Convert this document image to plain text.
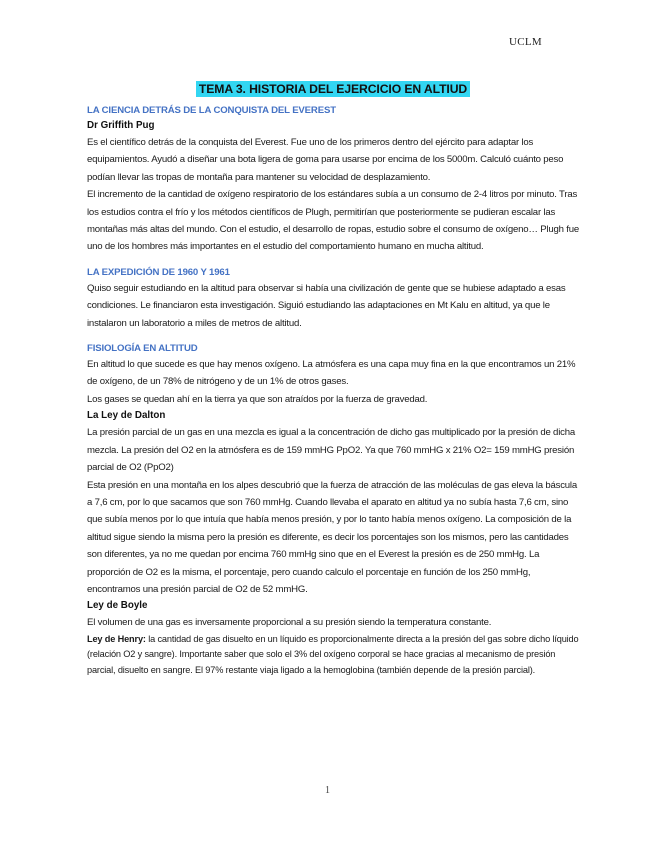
UCLM
TEMA 3. HISTORIA DEL EJERCICIO EN ALTIUD
LA CIENCIA DETRÁS DE LA CONQUISTA DEL EVEREST
Dr Griffith Pug

Es el científico detrás de la conquista del Everest. Fue uno de los primeros dentro del ejército para adaptar los equipamientos. Ayudó a diseñar una bota ligera de goma para usarse por encima de los 5000m. Calculó cuánto peso podían llevar las tropas de montaña para mantener su velocidad de desplazamiento.

El incremento de la cantidad de oxígeno respiratorio de los estándares subía a un consumo de 2-4 litros por minuto. Tras los estudios contra el frío y los métodos científicos de Plugh, permitirían que posteriormente se pudieran escalar las montañas más altas del mundo. Con el estudio, el desarrollo de ropas, estudio sobre el consumo de oxígeno… Plugh fue uno de los hombres más importantes en el estudio del comportamiento humano en mucha altitud.

LA EXPEDICIÓN DE 1960 Y 1961

Quiso seguir estudiando en la altitud para observar si había una civilización de gente que se hubiese adaptado a esas condiciones. Le financiaron esta investigación. Siguió estudiando las adaptaciones en Mt Kalu en altitud, ya que le instalaron un laboratorio a miles de metros de altitud.

FISIOLOGÍA EN ALTITUD

En altitud lo que sucede es que hay menos oxígeno. La atmósfera es una capa muy fina en la que encontramos un 21% de oxígeno, de un 78% de nitrógeno y de un 1% de otros gases.

Los gases se quedan ahí en la tierra ya que son atraídos por la fuerza de gravedad.

La Ley de Dalton

La presión parcial de un gas en una mezcla es igual a la concentración de dicho gas multiplicado por la presión de dicha mezcla. La presión del O2 en la atmósfera es de 159 mmHG PpO2. Ya que 760 mmHG x 21% O2= 159 mmHG presión parcial de O2 (PpO2)

Esta presión en una montaña en los alpes descubrió que la fuerza de atracción de las moléculas de gas eleva la báscula a 7,6 cm, por lo que sacamos que son 760 mmHg. Cuando llevaba el aparato en altitud ya no subía hasta 7,6 cm, sino que subía menos por lo que intuía que había menos presión, y por lo tanto había menos oxígeno. La composición de la altitud sigue siendo la misma pero la presión es diferente, es decir los porcentajes son los mismos, pero las cantidades son diferentes, ya no me quedan por encima 760 mmHg sino que en el Everest la presión es de 250 mmHg. La proporción de O2 es la misma, el porcentaje, pero cuando calculo el porcentaje en función de los 250 mmHg, encontramos una presión parcial de O2 de 52 mmHG.

Ley de Boyle

El volumen de una gas es inversamente proporcional a su presión siendo la temperatura constante.

Ley de Henry: la cantidad de gas disuelto en un líquido es proporcionalmente directa a la presión del gas sobre dicho líquido (relación O2 y sangre). Importante saber que solo el 3% del oxígeno corporal se hace gracias al mecanismo de presión parcial, disuelto en sangre. El 97% restante viaja ligado a la hemoglobina (también depende de la presión parcial).

1
